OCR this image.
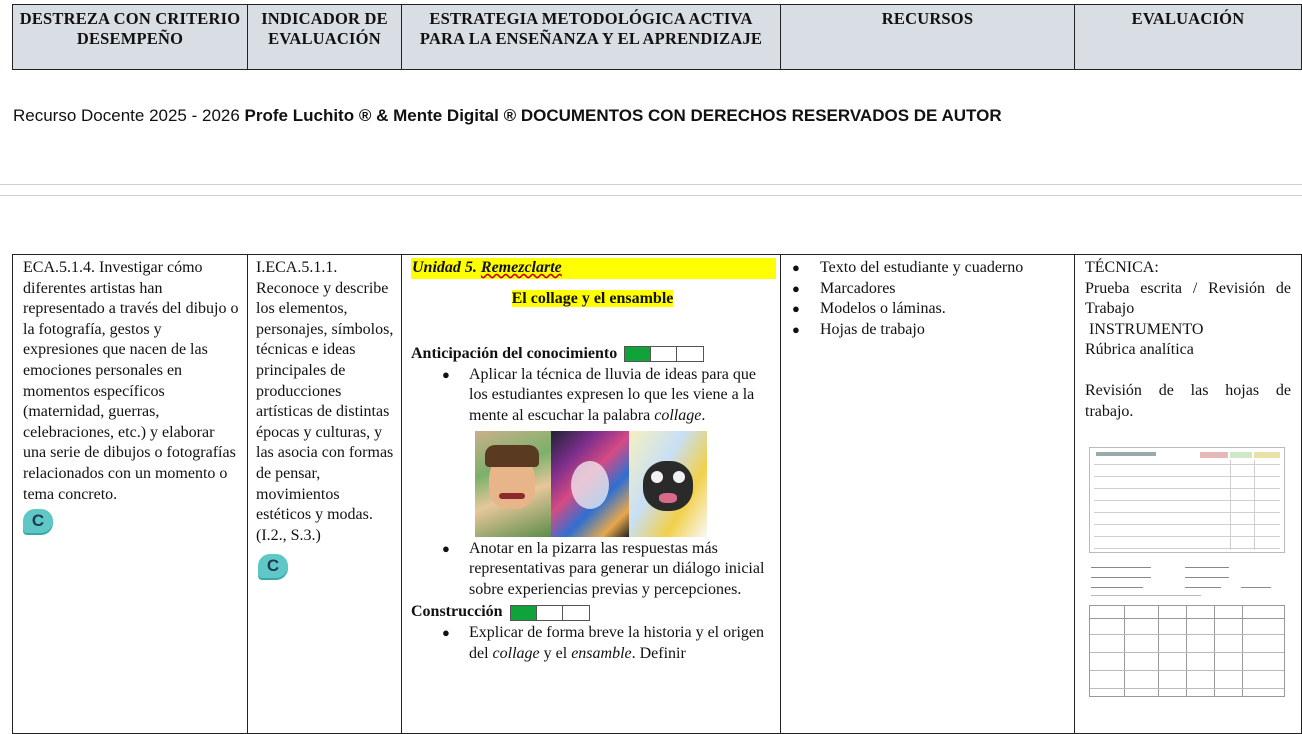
DESTREZA CON CRITERIO DESEMPEÑO
INDICADOR DE EVALUACIÓN
ESTRATEGIA METODOLÓGICA ACTIVA PARA LA ENSEÑANZA Y EL APRENDIZAJE
RECURSOS	EVALUACIÓN
Recurso Docente 2025 - 2026 Profe Luchito ® & Mente Digital ® DOCUMENTOS CON DERECHOS RESERVADOS DE AUTOR
ECA.5.1.4. Investigar cómo diferentes artistas han representado a través del dibujo o la fotografía, gestos y expresiones que nacen de las emociones personales en momentos específicos (maternidad, guerras, celebraciones, etc.) y elaborar una serie de dibujos o fotografías relacionados con un momento o tema concreto.
C
I.ECA.5.1.1. Reconoce y describe los elementos, personajes, símbolos, técnicas e ideas principales de producciones artísticas de distintas épocas y culturas, y las asocia con formas de pensar, movimientos estéticos y modas. (I.2., S.3.)
C
Unidad 5. Remezclarte
El collage y el ensamble
Anticipación del conocimiento
● Aplicar la técnica de lluvia de ideas para que los estudiantes expresen lo que les viene a la mente al escuchar la palabra collage.
● Anotar en la pizarra las respuestas más representativas para generar un diálogo inicial sobre experiencias previas y percepciones.
Construcción
● Explicar de forma breve la historia y el origen del collage y el ensamble. Definir
● Texto del estudiante y cuaderno
● Marcadores
● Modelos o láminas.
● Hojas de trabajo
TÉCNICA:
Prueba escrita / Revisión de Trabajo
INSTRUMENTO
Rúbrica analítica
Revisión de las hojas de trabajo.
